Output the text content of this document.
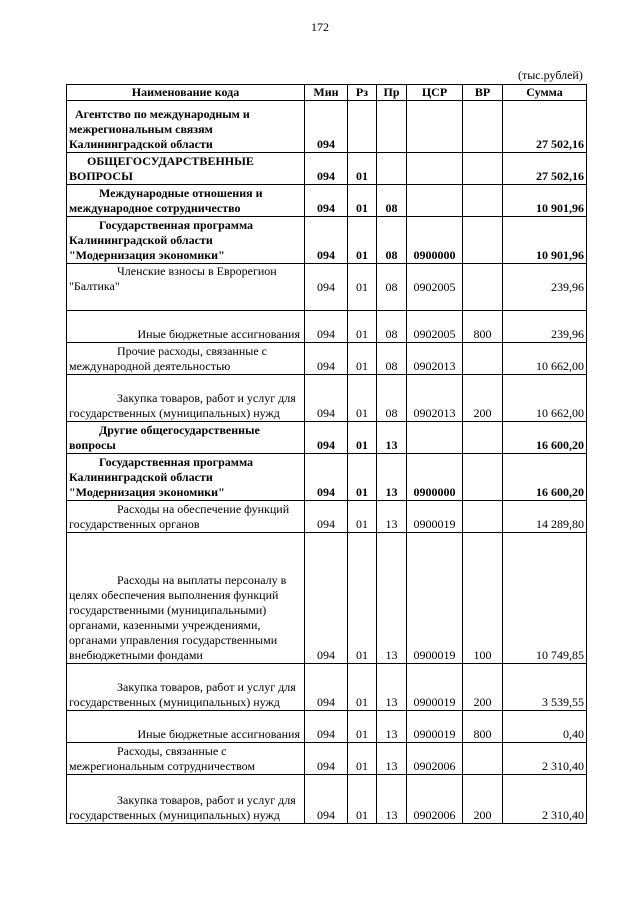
172
(тыс.рублей)
Наименование кода	Мин	Рз	Пр	ЦСР	ВР	Сумма
Агентство по международным и межрегиональным связям Калининградской области	094					27 502,16
ОБЩЕГОСУДАРСТВЕННЫЕ ВОПРОСЫ	094	01				27 502,16
Международные отношения и международное сотрудничество	094	01	08			10 901,96
Государственная программа Калининградской области "Модернизация экономики"	094	01	08	0900000		10 901,96
Членские взносы в Еврорегион "Балтика"	094	01	08	0902005		239,96
Иные бюджетные ассигнования	094	01	08	0902005	800	239,96
Прочие расходы, связанные с международной деятельностью	094	01	08	0902013		10 662,00
Закупка товаров, работ и услуг для государственных (муниципальных) нужд	094	01	08	0902013	200	10 662,00
Другие общегосударственные вопросы	094	01	13			16 600,20
Государственная программа Калининградской области "Модернизация экономики"	094	01	13	0900000		16 600,20
Расходы на обеспечение функций государственных органов	094	01	13	0900019		14 289,80
Расходы на выплаты персоналу в целях обеспечения выполнения функций государственными (муниципальными) органами, казенными учреждениями, органами управления государственными внебюджетными фондами	094	01	13	0900019	100	10 749,85
Закупка товаров, работ и услуг для государственных (муниципальных) нужд	094	01	13	0900019	200	3 539,55
Иные бюджетные ассигнования	094	01	13	0900019	800	0,40
Расходы, связанные с межрегиональным сотрудничеством	094	01	13	0902006		2 310,40
Закупка товаров, работ и услуг для государственных (муниципальных) нужд	094	01	13	0902006	200	2 310,40
